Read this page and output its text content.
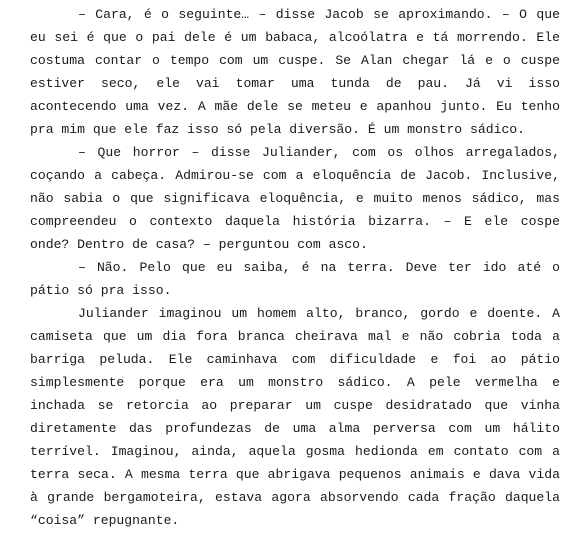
– Cara, é o seguinte… – disse Jacob se aproximando. – O que eu sei é que o pai dele é um babaca, alcoólatra e tá morrendo. Ele costuma contar o tempo com um cuspe. Se Alan chegar lá e o cuspe estiver seco, ele vai tomar uma tunda de pau. Já vi isso acontecendo uma vez. A mãe dele se meteu e apanhou junto. Eu tenho pra mim que ele faz isso só pela diversão. É um monstro sádico.

– Que horror – disse Juliander, com os olhos arregalados, coçando a cabeça. Admirou-se com a eloquência de Jacob. Inclusive, não sabia o que significava eloquência, e muito menos sádico, mas compreendeu o contexto daquela história bizarra. – E ele cospe onde? Dentro de casa? – perguntou com asco.

– Não. Pelo que eu saiba, é na terra. Deve ter ido até o pátio só pra isso.

Juliander imaginou um homem alto, branco, gordo e doente. A camiseta que um dia fora branca cheirava mal e não cobria toda a barriga peluda. Ele caminhava com dificuldade e foi ao pátio simplesmente porque era um monstro sádico. A pele vermelha e inchada se retorcia ao preparar um cuspe desidratado que vinha diretamente das profundezas de uma alma perversa com um hálito terrível. Imaginou, ainda, aquela gosma hedionda em contato com a terra seca. A mesma terra que abrigava pequenos animais e dava vida à grande bergamoteira, estava agora absorvendo cada fração daquela “coisa” repugnante.
